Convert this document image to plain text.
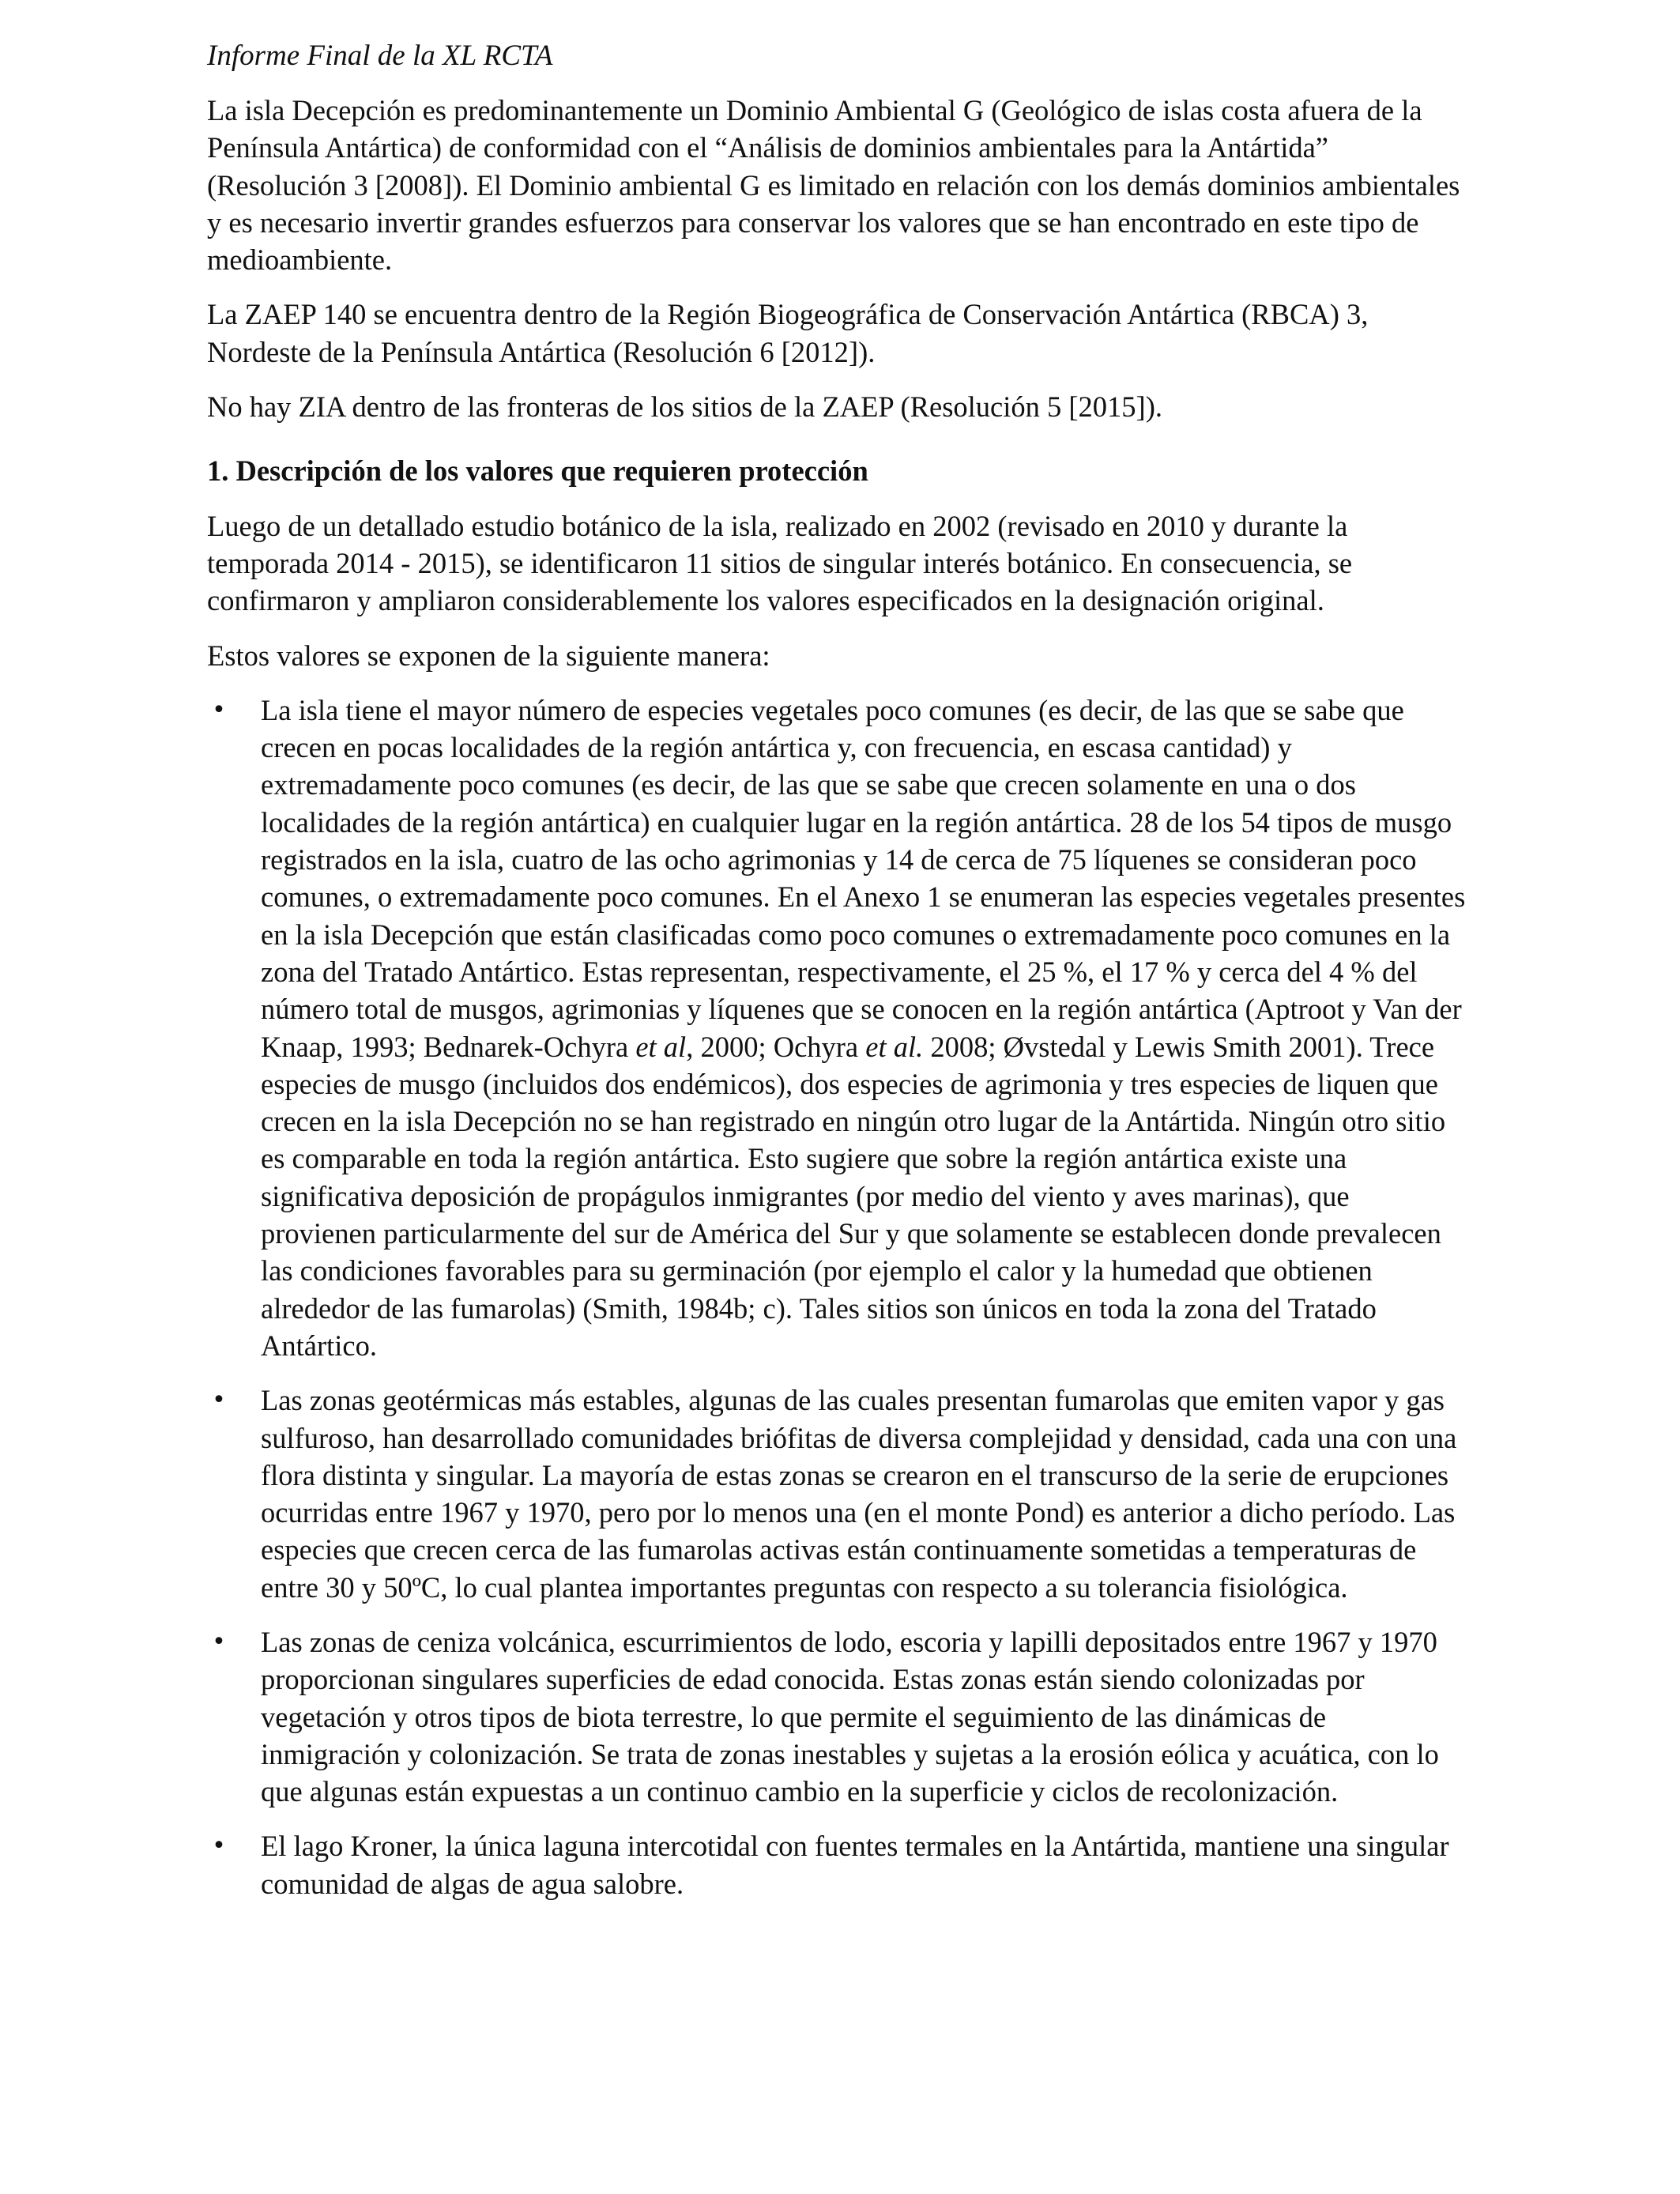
Informe Final de la XL RCTA

La isla Decepción es predominantemente un Dominio Ambiental G (Geológico de islas costa afuera de la Península Antártica) de conformidad con el “Análisis de dominios ambientales para la Antártida” (Resolución 3 [2008]). El Dominio ambiental G es limitado en relación con los demás dominios ambientales y es necesario invertir grandes esfuerzos para conservar los valores que se han encontrado en este tipo de medioambiente.

La ZAEP 140 se encuentra dentro de la Región Biogeográfica de Conservación Antártica (RBCA) 3, Nordeste de la Península Antártica (Resolución 6 [2012]).

No hay ZIA dentro de las fronteras de los sitios de la ZAEP (Resolución 5 [2015]).

1. Descripción de los valores que requieren protección

Luego de un detallado estudio botánico de la isla, realizado en 2002 (revisado en 2010 y durante la temporada 2014 - 2015), se identificaron 11 sitios de singular interés botánico. En consecuencia, se confirmaron y ampliaron considerablemente los valores especificados en la designación original.

Estos valores se exponen de la siguiente manera:

• La isla tiene el mayor número de especies vegetales poco comunes (es decir, de las que se sabe que crecen en pocas localidades de la región antártica y, con frecuencia, en escasa cantidad) y extremadamente poco comunes (es decir, de las que se sabe que crecen solamente en una o dos localidades de la región antártica) en cualquier lugar en la región antártica. 28 de los 54 tipos de musgo registrados en la isla, cuatro de las ocho agrimonias y 14 de cerca de 75 líquenes se consideran poco comunes, o extremadamente poco comunes. En el Anexo 1 se enumeran las especies vegetales presentes en la isla Decepción que están clasificadas como poco comunes o extremadamente poco comunes en la zona del Tratado Antártico. Estas representan, respectivamente, el 25 %, el 17 % y cerca del 4 % del número total de musgos, agrimonias y líquenes que se conocen en la región antártica (Aptroot y Van der Knaap, 1993; Bednarek-Ochyra et al, 2000; Ochyra et al. 2008; Øvstedal y Lewis Smith 2001). Trece especies de musgo (incluidos dos endémicos), dos especies de agrimonia y tres especies de liquen que crecen en la isla Decepción no se han registrado en ningún otro lugar de la Antártida. Ningún otro sitio es comparable en toda la región antártica. Esto sugiere que sobre la región antártica existe una significativa deposición de propágulos inmigrantes (por medio del viento y aves marinas), que provienen particularmente del sur de América del Sur y que solamente se establecen donde prevalecen las condiciones favorables para su germinación (por ejemplo el calor y la humedad que obtienen alrededor de las fumarolas) (Smith, 1984b; c). Tales sitios son únicos en toda la zona del Tratado Antártico.
• Las zonas geotérmicas más estables, algunas de las cuales presentan fumarolas que emiten vapor y gas sulfuroso, han desarrollado comunidades briófitas de diversa complejidad y densidad, cada una con una flora distinta y singular. La mayoría de estas zonas se crearon en el transcurso de la serie de erupciones ocurridas entre 1967 y 1970, pero por lo menos una (en el monte Pond) es anterior a dicho período. Las especies que crecen cerca de las fumarolas activas están continuamente sometidas a temperaturas de entre 30 y 50ºC, lo cual plantea importantes preguntas con respecto a su tolerancia fisiológica.
• Las zonas de ceniza volcánica, escurrimientos de lodo, escoria y lapilli depositados entre 1967 y 1970 proporcionan singulares superficies de edad conocida. Estas zonas están siendo colonizadas por vegetación y otros tipos de biota terrestre, lo que permite el seguimiento de las dinámicas de inmigración y colonización. Se trata de zonas inestables y sujetas a la erosión eólica y acuática, con lo que algunas están expuestas a un continuo cambio en la superficie y ciclos de recolonización.
• El lago Kroner, la única laguna intercotidal con fuentes termales en la Antártida, mantiene una singular comunidad de algas de agua salobre.
